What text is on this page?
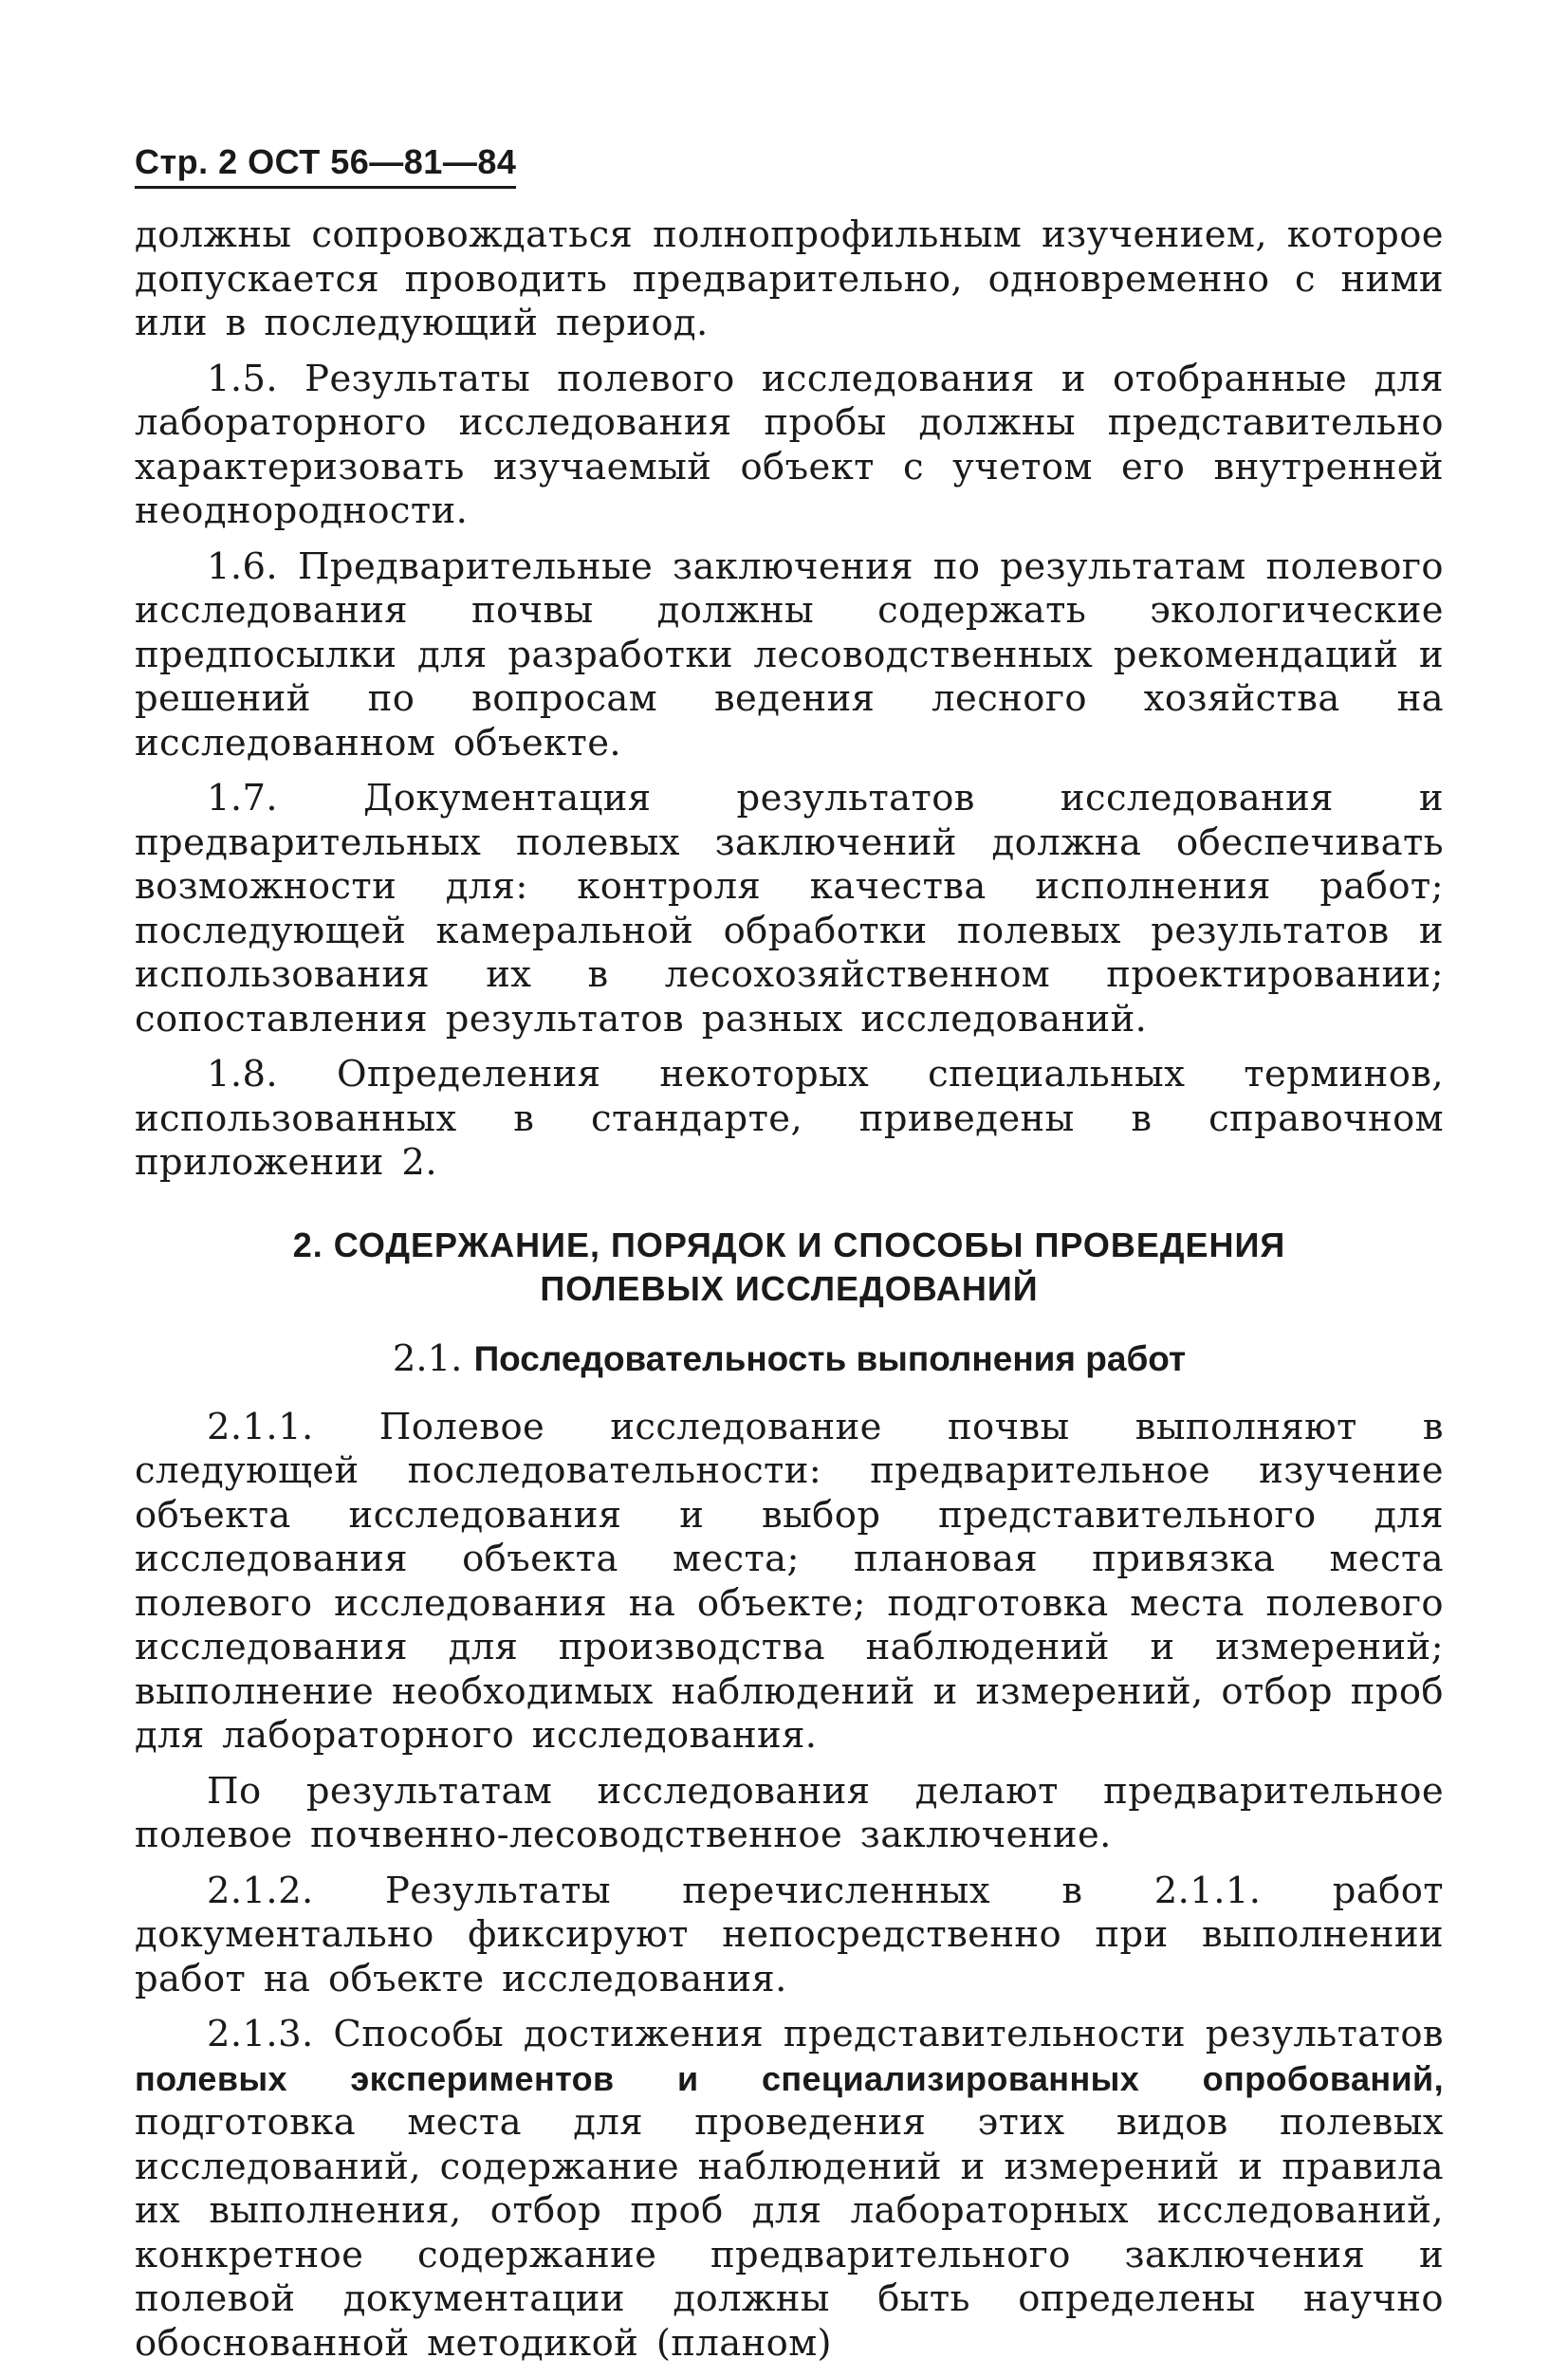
Стр. 2 ОСТ 56—81—84

должны сопровождаться полнопрофильным изучением, которое допускается проводить предварительно, одновременно с ними или в последующий период.

1.5. Результаты полевого исследования и отобранные для лабораторного исследования пробы должны представительно характеризовать изучаемый объект с учетом его внутренней неоднородности.

1.6. Предварительные заключения по результатам полевого исследования почвы должны содержать экологические предпосылки для разработки лесоводственных рекомендаций и решений по вопросам ведения лесного хозяйства на исследованном объекте.

1.7. Документация результатов исследования и предварительных полевых заключений должна обеспечивать возможности для: контроля качества исполнения работ; последующей камеральной обработки полевых результатов и использования их в лесохозяйственном проектировании; сопоставления результатов разных исследований.

1.8. Определения некоторых специальных терминов, использованных в стандарте, приведены в справочном приложении 2.

2. СОДЕРЖАНИЕ, ПОРЯДОК И СПОСОБЫ ПРОВЕДЕНИЯ
ПОЛЕВЫХ ИССЛЕДОВАНИЙ
2.1. Последовательность выполнения работ

2.1.1. Полевое исследование почвы выполняют в следующей последовательности: предварительное изучение объекта исследования и выбор представительного для исследования объекта места; плановая привязка места полевого исследования на объекте; подготовка места полевого исследования для производства наблюдений и измерений; выполнение необходимых наблюдений и измерений, отбор проб для лабораторного исследования.

По результатам исследования делают предварительное полевое почвенно-лесоводственное заключение.

2.1.2. Результаты перечисленных в 2.1.1. работ документально фиксируют непосредственно при выполнении работ на объекте исследования.

2.1.3. Способы достижения представительности результатов полевых экспериментов и специализированных опробований, подготовка места для проведения этих видов полевых исследований, содержание наблюдений и измерений и правила их выполнения, отбор проб для лабораторных исследований, конкретное содержание предварительного заключения и полевой документации должны быть определены научно обоснованной методикой (планом)
